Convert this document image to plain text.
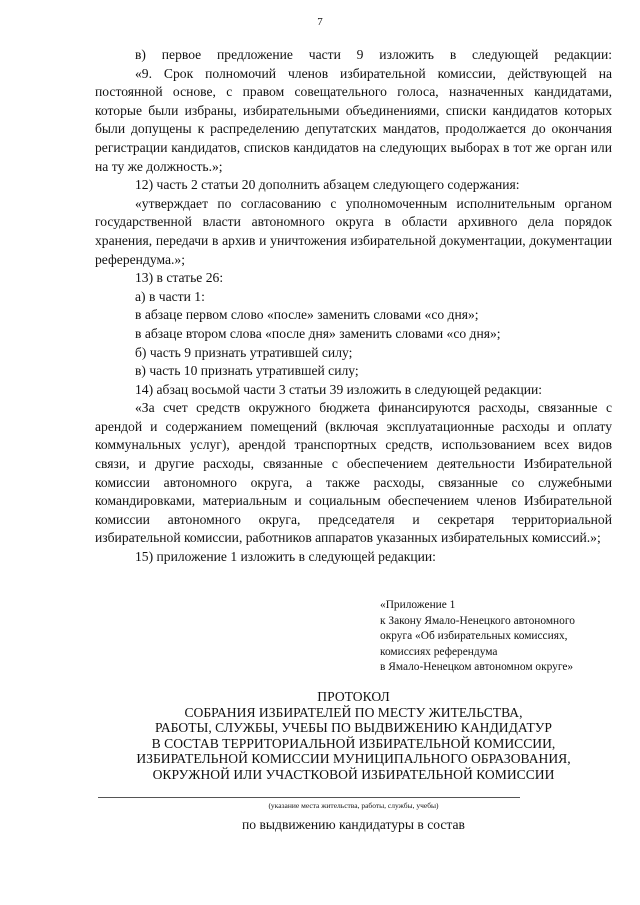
7

в) первое предложение части 9 изложить в следующей редакции:

«9. Срок полномочий членов избирательной комиссии, действующей на постоянной основе, с правом совещательного голоса, назначенных кандидатами, которые были избраны, избирательными объединениями, списки кандидатов которых были допущены к распределению депутатских мандатов, продолжается до окончания регистрации кандидатов, списков кандидатов на следующих выборах в тот же орган или на ту же должность.»;

12) часть 2 статьи 20 дополнить абзацем следующего содержания:

«утверждает по согласованию с уполномоченным исполнительным органом государственной власти автономного округа в области архивного дела порядок хранения, передачи в архив и уничтожения избирательной документации, документации референдума.»;

13) в статье 26:

а) в части 1:

в абзаце первом слово «после» заменить словами «со дня»;

в абзаце втором слова «после дня» заменить словами «со дня»;

б) часть 9 признать утратившей силу;

в) часть 10 признать утратившей силу;

14) абзац восьмой части 3 статьи 39 изложить в следующей редакции:

«За счет средств окружного бюджета финансируются расходы, связанные с арендой и содержанием помещений (включая эксплуатационные расходы и оплату коммунальных услуг), арендой транспортных средств, использованием всех видов связи, и другие расходы, связанные с обеспечением деятельности Избирательной комиссии автономного округа, а также расходы, связанные со служебными командировками, материальным и социальным обеспечением членов Избирательной комиссии автономного округа, председателя и секретаря территориальной избирательной комиссии, работников аппаратов указанных избирательных комиссий.»;

15) приложение 1 изложить в следующей редакции:

«Приложение 1
к Закону Ямало-Ненецкого автономного
округа «Об избирательных комиссиях,
комиссиях референдума
в Ямало-Ненецком автономном округе»
ПРОТОКОЛ
СОБРАНИЯ ИЗБИРАТЕЛЕЙ ПО МЕСТУ ЖИТЕЛЬСТВА,
РАБОТЫ, СЛУЖБЫ, УЧЕБЫ ПО ВЫДВИЖЕНИЮ КАНДИДАТУР
В СОСТАВ ТЕРРИТОРИАЛЬНОЙ ИЗБИРАТЕЛЬНОЙ КОМИССИИ,
ИЗБИРАТЕЛЬНОЙ КОМИССИИ МУНИЦИПАЛЬНОГО ОБРАЗОВАНИЯ,
ОКРУЖНОЙ ИЛИ УЧАСТКОВОЙ ИЗБИРАТЕЛЬНОЙ КОМИССИИ
(указание места жительства, работы, службы, учебы)
по выдвижению кандидатуры в состав
